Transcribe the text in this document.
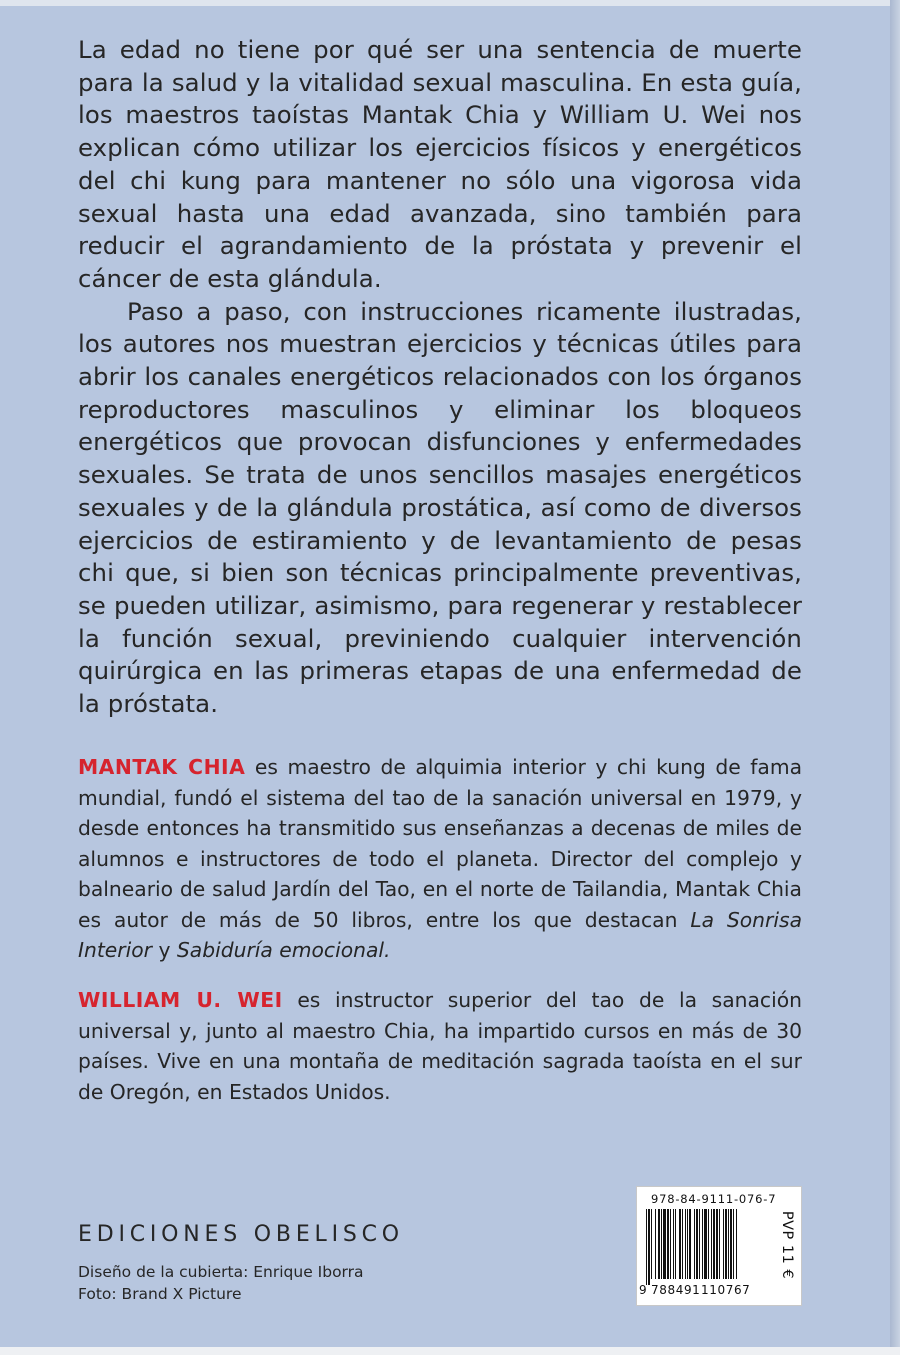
La edad no tiene por qué ser una sentencia de muerte para la salud y la vitalidad sexual masculina. En esta guía, los maestros taoístas Mantak Chia y William U. Wei nos explican cómo utilizar los ejercicios físicos y energéticos del chi kung para mantener no sólo una vigorosa vida sexual hasta una edad avanzada, sino también para reducir el agrandamiento de la próstata y prevenir el cáncer de esta glándula.

Paso a paso, con instrucciones ricamente ilustradas, los autores nos muestran ejercicios y técnicas útiles para abrir los canales energéticos relacionados con los órganos reproductores masculinos y eliminar los bloqueos energéticos que provocan disfunciones y enfermedades sexuales. Se trata de unos sencillos masajes energéticos sexuales y de la glándula prostática, así como de diversos ejercicios de estiramiento y de levantamiento de pesas chi que, si bien son técnicas principalmente preventivas, se pueden utilizar, asimismo, para regenerar y restablecer la función sexual, previniendo cualquier intervención quirúrgica en las primeras etapas de una enfermedad de la próstata.

MANTAK CHIA es maestro de alquimia interior y chi kung de fama mundial, fundó el sistema del tao de la sanación universal en 1979, y desde entonces ha transmitido sus enseñanzas a decenas de miles de alumnos e instructores de todo el planeta. Director del complejo y balneario de salud Jardín del Tao, en el norte de Tailandia, Mantak Chia es autor de más de 50 libros, entre los que destacan La Sonrisa Interior y Sabiduría emocional.

WILLIAM U. WEI es instructor superior del tao de la sanación universal y, junto al maestro Chia, ha impartido cursos en más de 30 países. Vive en una montaña de meditación sagrada taoísta en el sur de Oregón, en Estados Unidos.

EDICIONES OBELISCO
Diseño de la cubierta: Enrique Iborra
Foto: Brand X Picture
978-84-9111-076-7
9 788491 110767
PVP 11 €
